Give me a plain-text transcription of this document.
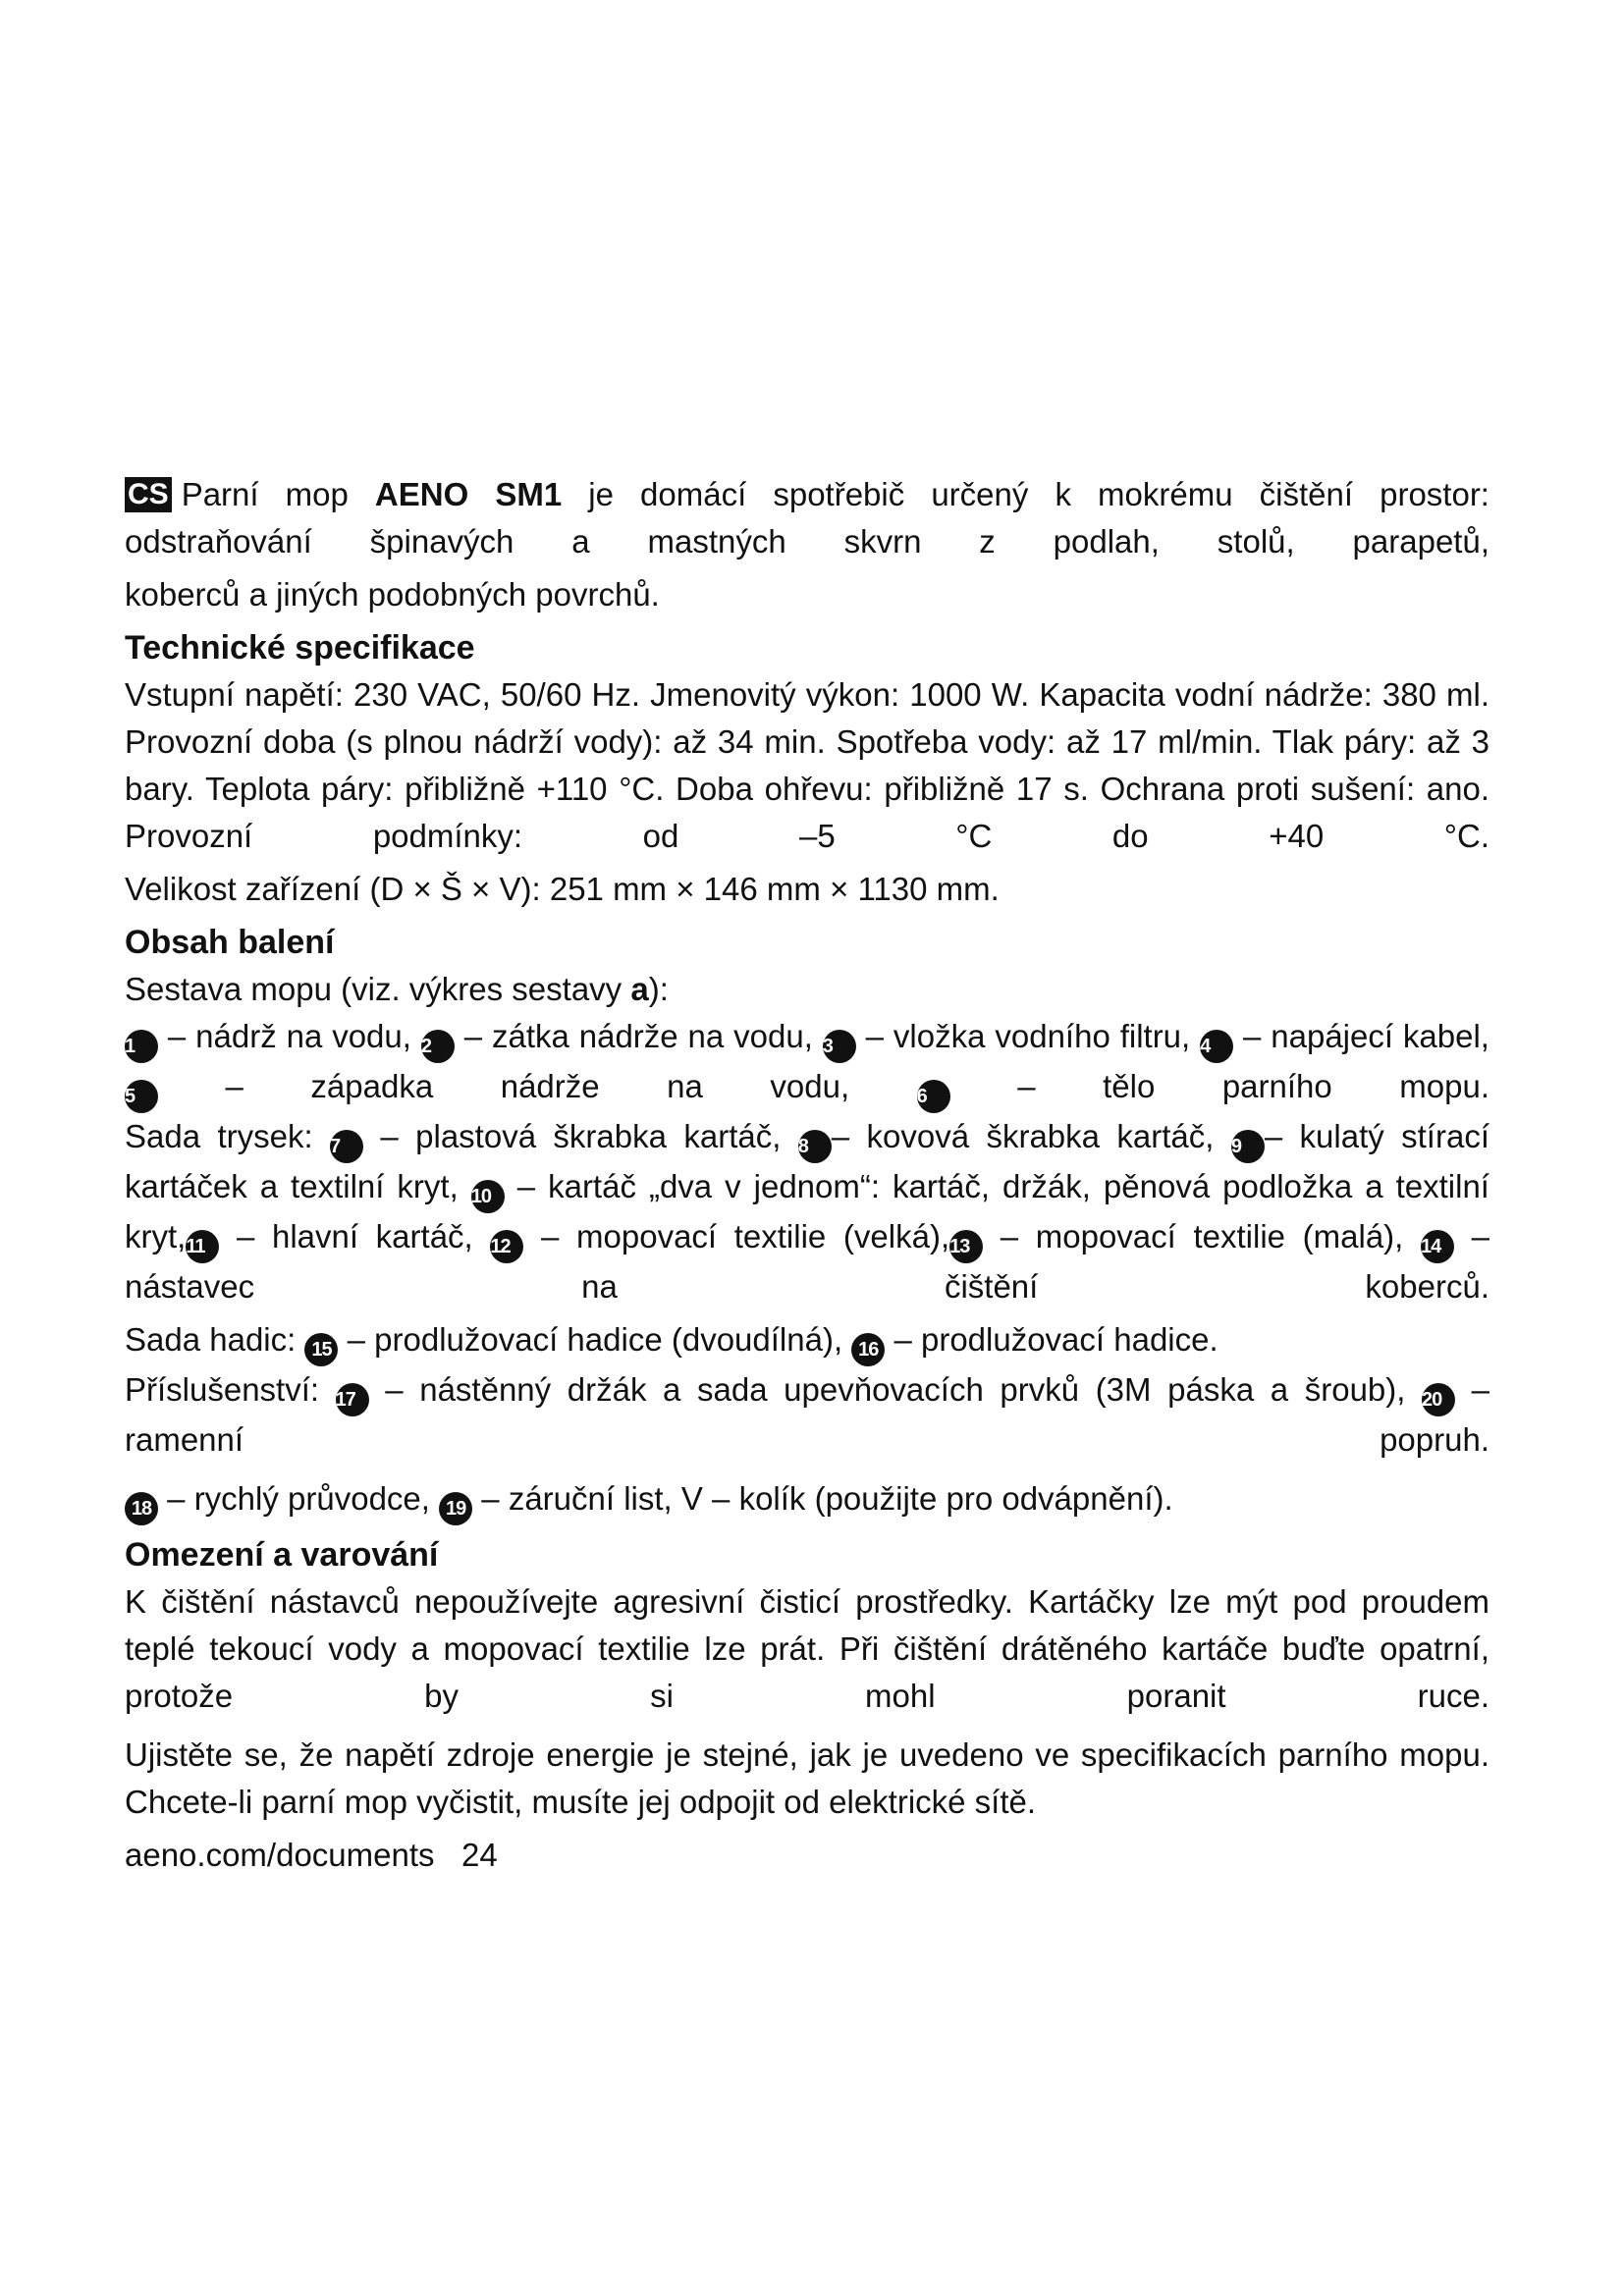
CS Parní mop AENO SM1 je domácí spotřebič určený k mokrému čištění prostor: odstraňování špinavých a mastných skvrn z podlah, stolů, parapetů,

koberců a jiných podobných povrchů.

Technické specifikace

Vstupní napětí: 230 VAC, 50/60 Hz. Jmenovitý výkon: 1000 W. Kapacita vodní nádrže: 380 ml. Provozní doba (s plnou nádrží vody): až 34 min. Spotřeba vody: až 17 ml/min. Tlak páry: až 3 bary. Teplota páry: přibližně +110 °C. Doba ohřevu: přibližně 17 s. Ochrana proti sušení: ano. Provozní podmínky: od –5 °C do +40 °C.

Velikost zařízení (D × Š × V): 251 mm × 146 mm × 1130 mm.

Obsah balení

Sestava mopu (viz. výkres sestavy a):

1 – nádrž na vodu, 2 – zátka nádrže na vodu, 3 – vložka vodního filtru, 4 – napájecí kabel, 5 – západka nádrže na vodu, 6 – tělo parního mopu.

Sada trysek: 7 – plastová škrabka kartáč, 8 – kovová škrabka kartáč, 9 – kulatý stírací kartáček a textilní kryt, 10 – kartáč „dva v jednom“: kartáč, držák, pěnová podložka a textilní kryt,11 – hlavní kartáč, 12 – mopovací textilie (velká),13 – mopovací textilie (malá), 14 – nástavec na čištění koberců.

Sada hadic: 15 – prodlužovací hadice (dvoudílná), 16 – prodlužovací hadice.

Příslušenství: 17 – nástěnný držák a sada upevňovacích prvků (3M páska a šroub), 20 – ramenní popruh.

18 – rychlý průvodce, 19 – záruční list, V – kolík (použijte pro odvápnění).

Omezení a varování

K čištění nástavců nepoužívejte agresivní čisticí prostředky. Kartáčky lze mýt pod proudem teplé tekoucí vody a mopovací textilie lze prát. Při čištění drátěného kartáče buďte opatrní, protože by si mohl poranit ruce.

Ujistěte se, že napětí zdroje energie je stejné, jak je uvedeno ve specifikacích parního mopu. Chcete-li parní mop vyčistit, musíte jej odpojit od elektrické sítě.

aeno.com/documents 24
